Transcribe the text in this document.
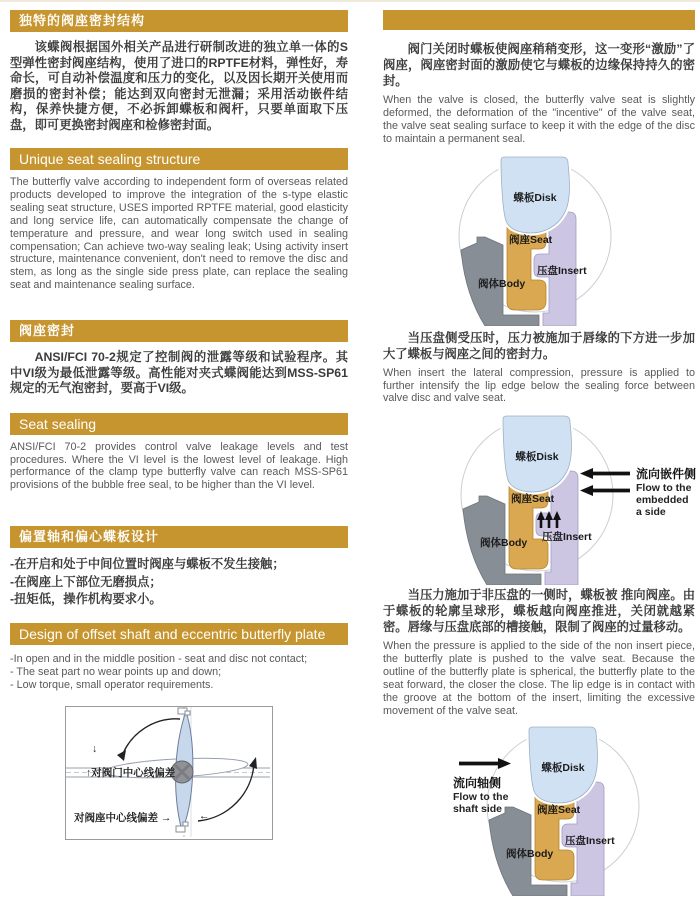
独特的阀座密封结构
该蝶阀根据国外相关产品进行研制改进的独立单一体的S型弹性密封阀座结构，使用了进口的RPTFE材料，弹性好，寿命长，可自动补偿温度和压力的变化，以及因长期开关使用而磨损的密封补偿；能达到双向密封无泄漏；采用活动嵌件结构，保养快捷方便，不必拆卸蝶板和阀杆，只要单面取下压盘，即可更换密封阀座和检修密封面。
Unique seat sealing structure
The butterfly valve according to independent form of overseas related products developed to improve the integration of the s-type elastic sealing seat structure, USES imported RPTFE material, good elasticity and long service life, can automatically compensate the change of temperature and pressure, and wear long switch used in sealing compensation; Can achieve two-way sealing leak; Using activity insert structure, maintenance convenient, don't need to remove the disc and stem, as long as the single side press plate, can replace the sealing seat and maintenance sealing surface.
阀座密封
ANSI/FCI 70-2规定了控制阀的泄露等级和试验程序。其中VI级为最低泄露等级。高性能对夹式蝶阀能达到MSS-SP61规定的无气泡密封，要高于VI级。
Seat sealing
ANSI/FCI 70-2 provides control valve leakage levels and test procedures. Where the VI level is the lowest level of leakage. High performance of the clamp type butterfly valve can reach MSS-SP61 provisions of the bubble free seal, to be higher than the VI level.
偏置轴和偏心蝶板设计
-在开启和处于中间位置时阀座与蝶板不发生接触；
-在阀座上下部位无磨损点；
-扭矩低，操作机构要求小。
Design of offset shaft and eccentric butterfly plate
-In open and in the middle position - seat and disc not contact;
- The seat part no wear points up and down;
- Low torque, small operator requirements.
↓
↑对阀门中心线偏差
对阀座中心线偏差 →	←
阀门关闭时蝶板使阀座稍稍变形，这一变形“激励”了阀座，阀座密封面的激励使它与蝶板的边缘保持持久的密封。
When the valve is closed, the butterfly valve seat is slightly deformed, the deformation of the "incentive" of the valve seat, the valve seat sealing surface to keep it with the edge of the disc to maintain a permanent seal.
蝶板Disk
阀座Seat
压盘Insert
阀体Body
当压盘侧受压时，压力被施加于唇缘的下方进一步加大了蝶板与阀座之间的密封力。
When insert the lateral compression, pressure is applied to further intensify the lip edge below the sealing force between valve disc and valve seat.
蝶板Disk
阀座Seat
压盘Insert
阀体Body
流向嵌件侧
Flow to the
embedded
a side
当压力施加于非压盘的一侧时，蝶板被 推向阀座。由于蝶板的轮廓呈球形，蝶板越向阀座推进，关闭就越紧密。唇缘与压盘底部的槽接触，限制了阀座的过量移动。
When the pressure is applied to the side of the non insert piece, the butterfly plate is pushed to the valve seat. Because the outline of the butterfly plate is spherical, the butterfly plate to the seat forward, the closer the close. The lip edge is in contact with the groove at the bottom of the insert, limiting the excessive movement of the valve seat.
蝶板Disk
阀座Seat
压盘Insert
阀体Body
流向轴侧
Flow to the
shaft side
